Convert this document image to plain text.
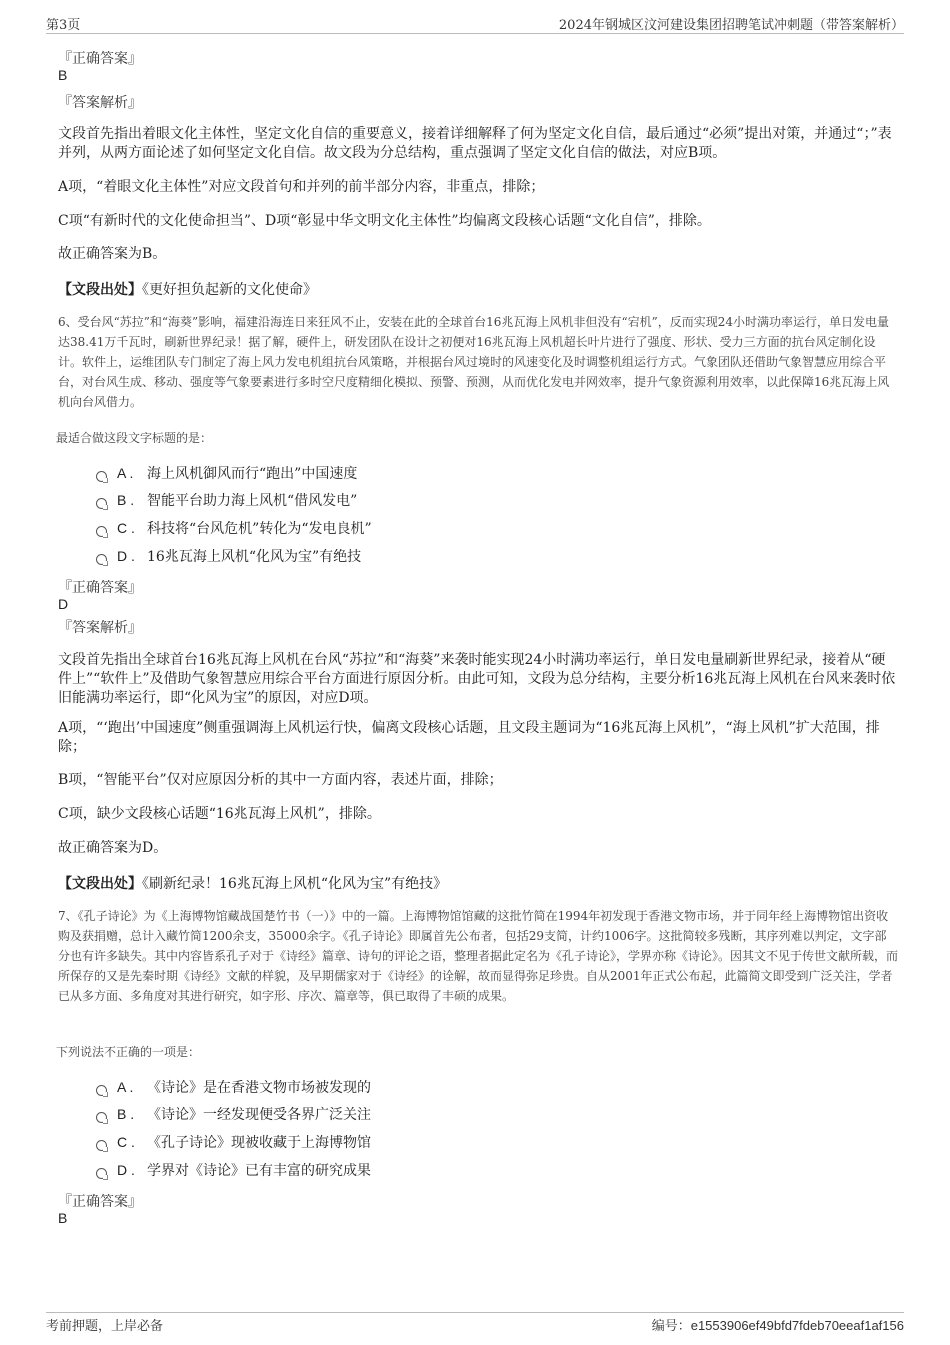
第3页	2024年钢城区汶河建设集团招聘笔试冲刺题（带答案解析）
『正确答案』
B
『答案解析』
文段首先指出着眼文化主体性，坚定文化自信的重要意义，接着详细解释了何为坚定文化自信，最后通过“必须”提出对策，并通过“；”表并列，从两方面论述了如何坚定文化自信。故文段为分总结构，重点强调了坚定文化自信的做法，对应B项。
A项，“着眼文化主体性”对应文段首句和并列的前半部分内容，非重点，排除；
C项“有新时代的文化使命担当”、D项“彰显中华文明文化主体性”均偏离文段核心话题“文化自信”，排除。
故正确答案为B。
【文段出处】《更好担负起新的文化使命》
6、受台风“苏拉”和“海葵”影响，福建沿海连日来狂风不止，安装在此的全球首台16兆瓦海上风机非但没有“宕机”，反而实现24小时满功率运行，单日发电量达38.41万千瓦时，刷新世界纪录！据了解，硬件上，研发团队在设计之初便对16兆瓦海上风机超长叶片进行了强度、形状、受力三方面的抗台风定制化设计。软件上，运维团队专门制定了海上风力发电机组抗台风策略，并根据台风过境时的风速变化及时调整机组运行方式。气象团队还借助气象智慧应用综合平台，对台风生成、移动、强度等气象要素进行多时空尺度精细化模拟、预警、预测，从而优化发电并网效率，提升气象资源利用效率，以此保障16兆瓦海上风机向台风借力。
最适合做这段文字标题的是：
A . 海上风机御风而行“跑出”中国速度
B . 智能平台助力海上风机“借风发电”
C . 科技将“台风危机”转化为“发电良机”
D . 16兆瓦海上风机“化风为宝”有绝技
『正确答案』
D
『答案解析』
文段首先指出全球首台16兆瓦海上风机在台风“苏拉”和“海葵”来袭时能实现24小时满功率运行，单日发电量刷新世界纪录，接着从“硬件上”“软件上”及借助气象智慧应用综合平台方面进行原因分析。由此可知，文段为总分结构，主要分析16兆瓦海上风机在台风来袭时依旧能满功率运行，即“化风为宝”的原因，对应D项。
A项，“‘跑出’中国速度”侧重强调海上风机运行快，偏离文段核心话题，且文段主题词为“16兆瓦海上风机”，“海上风机”扩大范围，排除；
B项，“智能平台”仅对应原因分析的其中一方面内容，表述片面，排除；
C项，缺少文段核心话题“16兆瓦海上风机”，排除。
故正确答案为D。
【文段出处】《刷新纪录！16兆瓦海上风机“化风为宝”有绝技》
7、《孔子诗论》为《上海博物馆藏战国楚竹书（一）》中的一篇。上海博物馆馆藏的这批竹简在1994年初发现于香港文物市场，并于同年经上海博物馆出资收购及获捐赠，总计入藏竹简1200余支，35000余字。《孔子诗论》即属首先公布者，包括29支简，计约1006字。这批简较多残断，其序列难以判定，文字部分也有许多缺失。其中内容皆系孔子对于《诗经》篇章、诗句的评论之语，整理者据此定名为《孔子诗论》，学界亦称《诗论》。因其文不见于传世文献所载，而所保存的又是先秦时期《诗经》文献的样貌，及早期儒家对于《诗经》的诠解，故而显得弥足珍贵。自从2001年正式公布起，此篇简文即受到广泛关注，学者已从多方面、多角度对其进行研究，如字形、序次、篇章等，俱已取得了丰硕的成果。
下列说法不正确的一项是：
A . 《诗论》是在香港文物市场被发现的
B . 《诗论》一经发现便受各界广泛关注
C . 《孔子诗论》现被收藏于上海博物馆
D . 学界对《诗论》已有丰富的研究成果
『正确答案』
B
考前押题，上岸必备	编号：e1553906ef49bfd7fdeb70eeaf1af156
